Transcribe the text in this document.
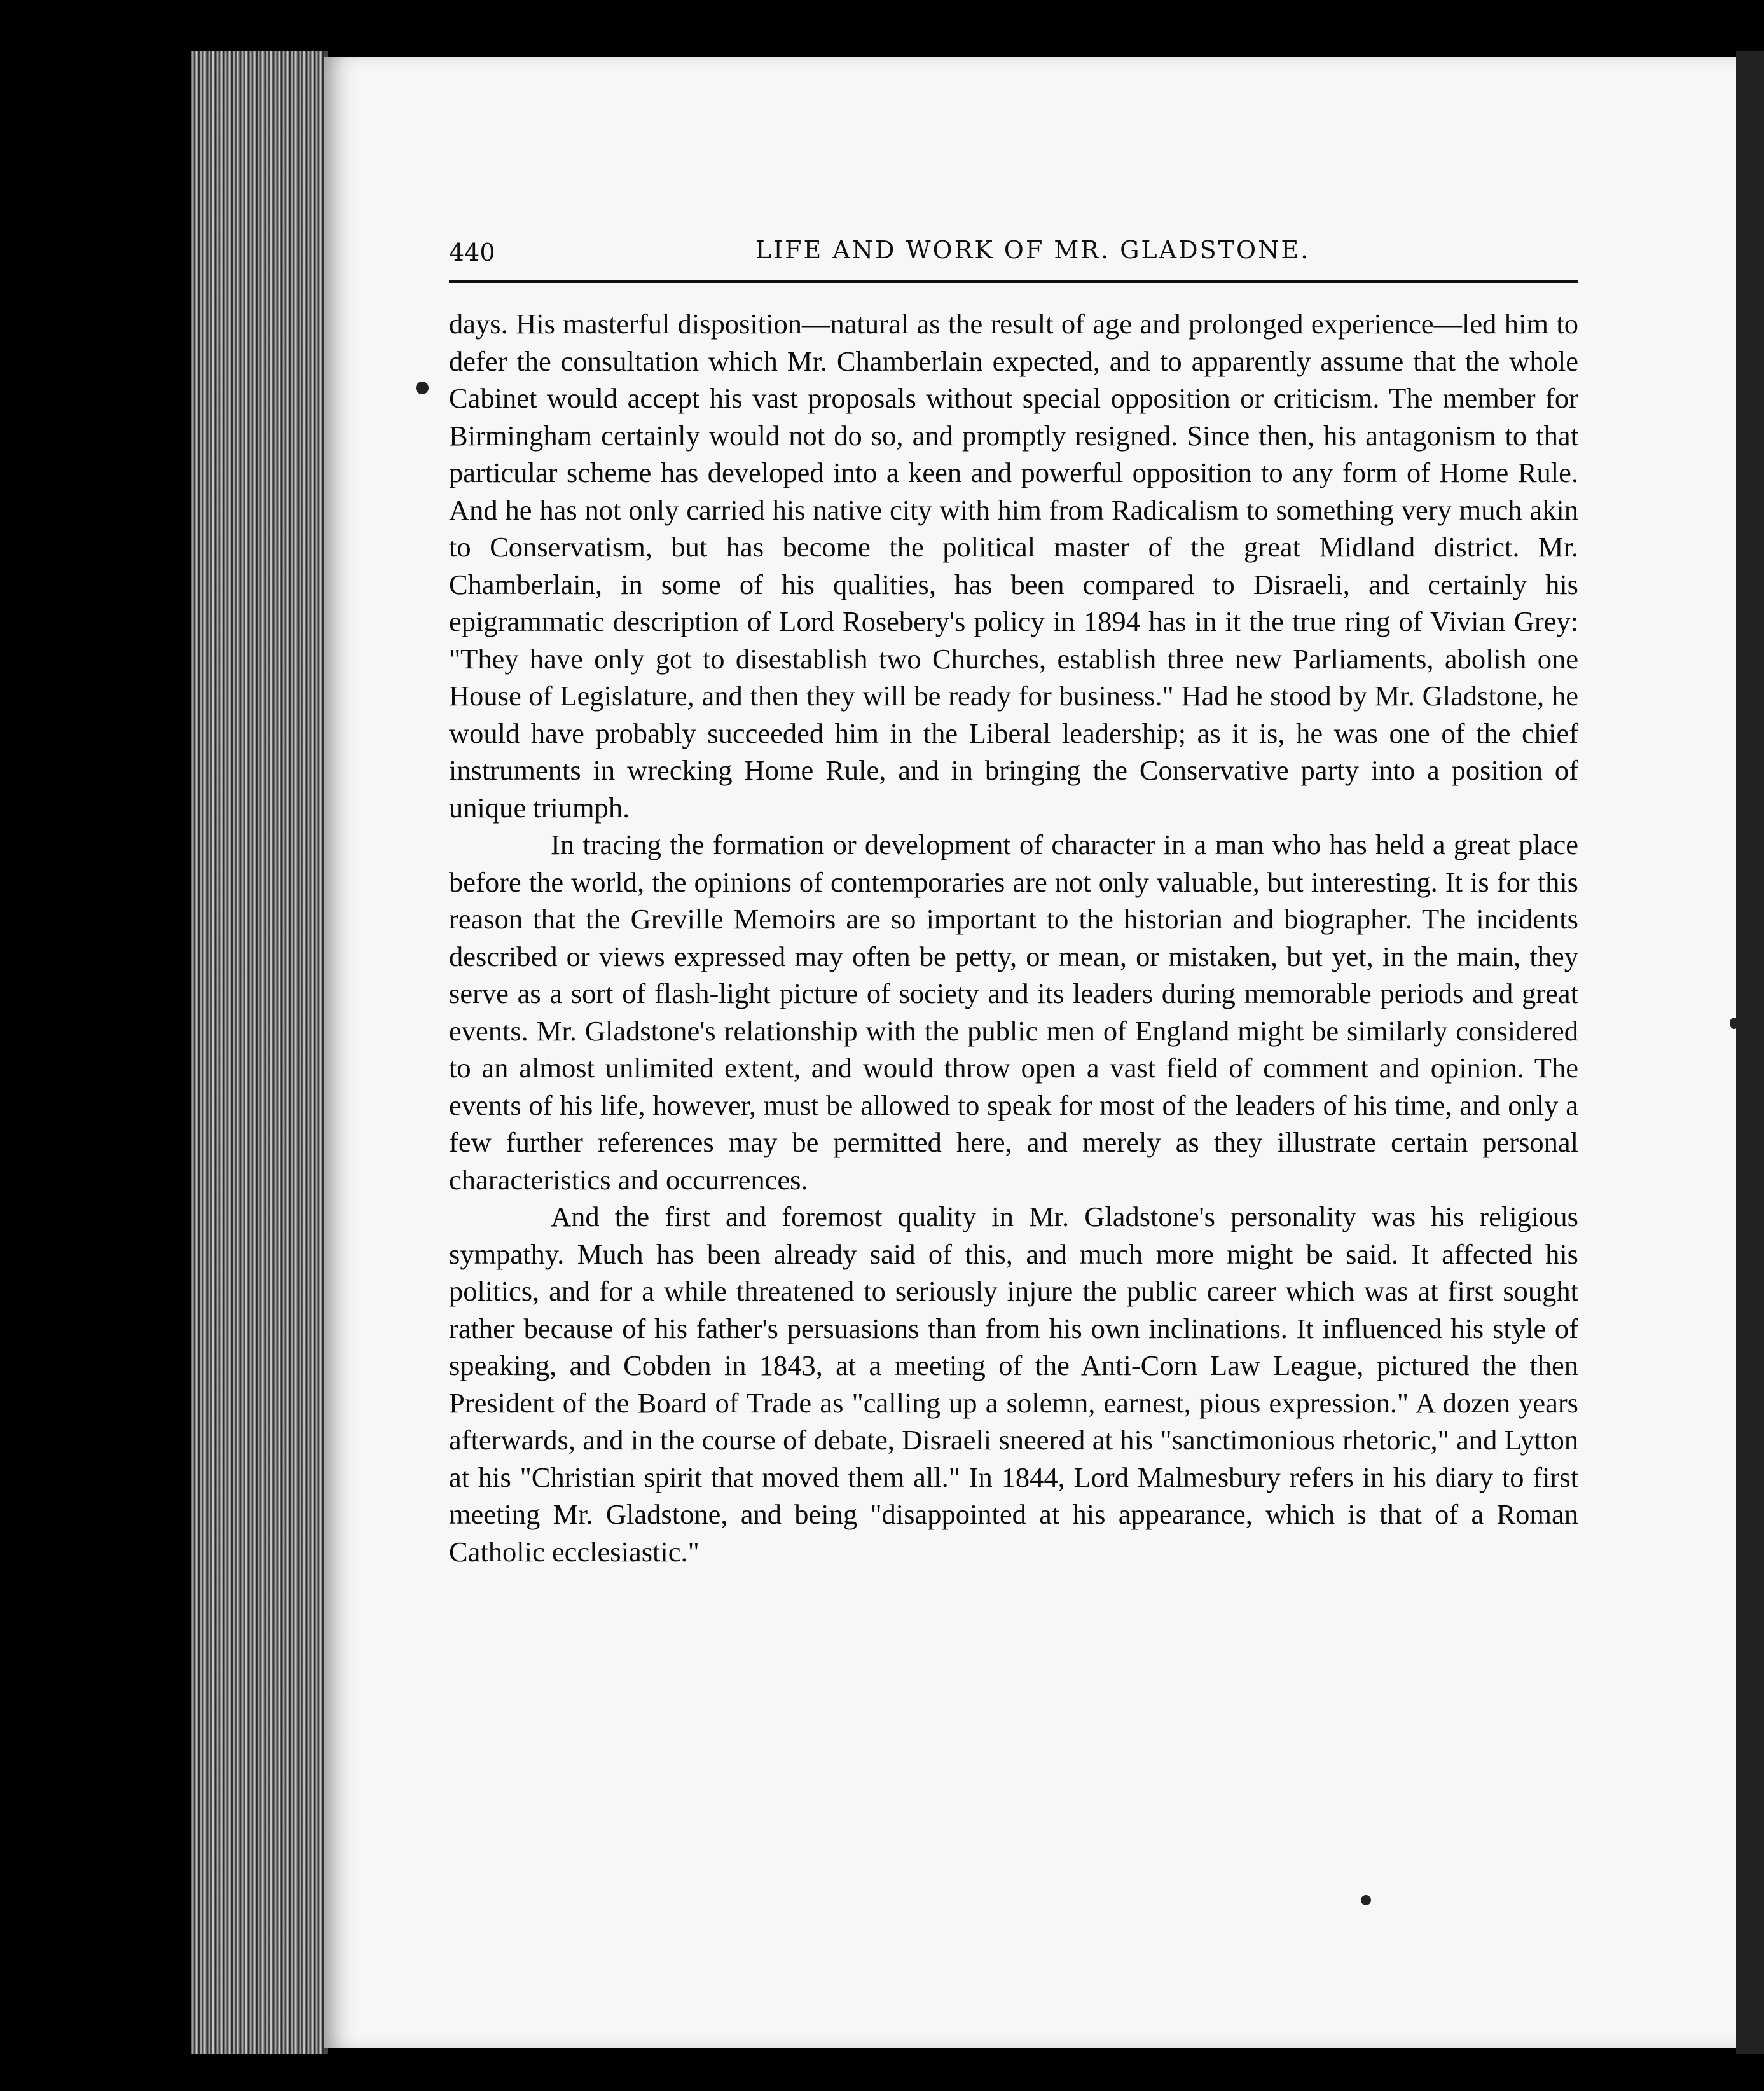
440	LIFE AND WORK OF MR. GLADSTONE.

days. His masterful disposition—natural as the result of age and prolonged experience—led him to defer the consultation which Mr. Chamberlain expected, and to apparently assume that the whole Cabinet would accept his vast proposals without special opposition or criticism. The member for Birmingham certainly would not do so, and promptly resigned. Since then, his antagonism to that particular scheme has developed into a keen and powerful opposition to any form of Home Rule. And he has not only carried his native city with him from Radicalism to something very much akin to Conservatism, but has become the political master of the great Midland district. Mr. Chamberlain, in some of his qualities, has been compared to Disraeli, and certainly his epigrammatic description of Lord Rosebery's policy in 1894 has in it the true ring of Vivian Grey: "They have only got to disestablish two Churches, establish three new Parliaments, abolish one House of Legislature, and then they will be ready for business." Had he stood by Mr. Gladstone, he would have probably succeeded him in the Liberal leadership; as it is, he was one of the chief instruments in wrecking Home Rule, and in bringing the Conservative party into a position of unique triumph.

In tracing the formation or development of character in a man who has held a great place before the world, the opinions of contemporaries are not only valuable, but interesting. It is for this reason that the Greville Memoirs are so important to the historian and biographer. The incidents described or views expressed may often be petty, or mean, or mistaken, but yet, in the main, they serve as a sort of flash-light picture of society and its leaders during memorable periods and great events. Mr. Gladstone's relationship with the public men of England might be similarly considered to an almost unlimited extent, and would throw open a vast field of comment and opinion. The events of his life, however, must be allowed to speak for most of the leaders of his time, and only a few further references may be permitted here, and merely as they illustrate certain personal characteristics and occurrences.

And the first and foremost quality in Mr. Gladstone's personality was his religious sympathy. Much has been already said of this, and much more might be said. It affected his politics, and for a while threatened to seriously injure the public career which was at first sought rather because of his father's persuasions than from his own inclinations. It influenced his style of speaking, and Cobden in 1843, at a meeting of the Anti-Corn Law League, pictured the then President of the Board of Trade as "calling up a solemn, earnest, pious expression." A dozen years afterwards, and in the course of debate, Disraeli sneered at his "sanctimonious rhetoric," and Lytton at his "Christian spirit that moved them all." In 1844, Lord Malmesbury refers in his diary to first meeting Mr. Gladstone, and being "disappointed at his appearance, which is that of a Roman Catholic ecclesiastic."
